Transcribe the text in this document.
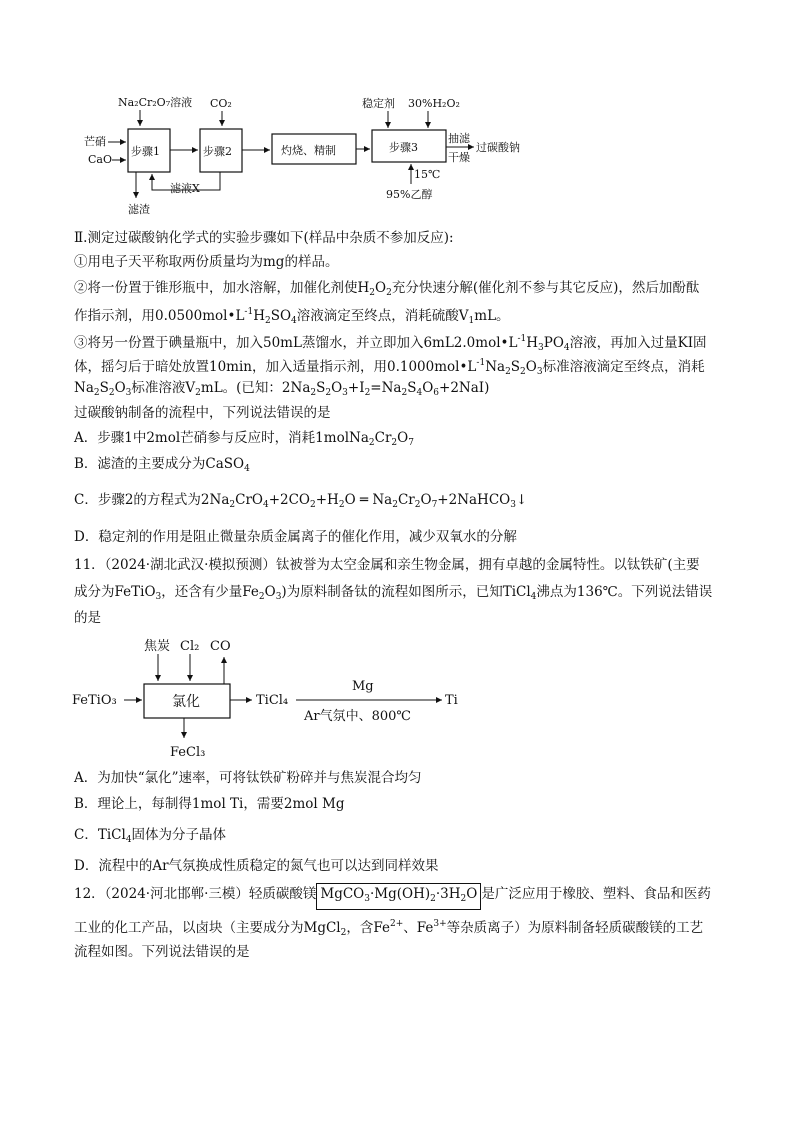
Na₂Cr₂O₇溶液 CO₂
芒硝
CaO
步骤1	步骤2	灼烧、精制
稳定剂 30%H₂O₂
步骤3
抽滤
干燥
过碳酸钠
15℃
95%乙醇
滤渣
滤液X
Ⅱ.测定过碳酸钠化学式的实验步骤如下(样品中杂质不参加反应):
①用电子天平称取两份质量均为mg的样品。
②将一份置于锥形瓶中，加水溶解，加催化剂使$H_2O_2$充分快速分解(催化剂不参与其它反应)，然后加酚酞
作指示剂，用$0.0500mol•L^{-1}H_2SO_4$溶液滴定至终点，消耗硫酸$V_1mL$。
③将另一份置于碘量瓶中，加入50mL蒸馏水，并立即加入$6mL2.0mol•L^{-1}H_3PO_4$溶液，再加入过量KI固
体，摇匀后于暗处放置10min，加入适量指示剂，用$0.1000mol•L^{-1}Na_2S_2O_3$标准溶液滴定至终点，消耗
$Na_2S_2O_3$标准溶液$V_2mL$。(已知：$2Na_2S_2O_3+I_2=Na_2S_4O_6+2NaI$)
过碳酸钠制备的流程中，下列说法错误的是
A．步骤1中2mol芒硝参与反应时，消耗$1molNa_2Cr_2O_7$
B．滤渣的主要成分为CaSO$_4$
C．步骤2的方程式为$2Na_2CrO_4+2CO_2+H_2O$ ═ $Na_2Cr_2O_7+2NaHCO_3↓$
D．稳定剂的作用是阻止微量杂质金属离子的催化作用，减少双氧水的分解
11．（2024·湖北武汉·模拟预测）钛被誉为太空金属和亲生物金属，拥有卓越的金属特性。以钛铁矿(主要
成分为FeTiO$_3$，还含有少量$Fe_2O_3$)为原料制备钛的流程如图所示，已知TiCl$_4$沸点为136℃。下列说法错误
的是
焦炭 Cl₂ CO
FeTiO₃	氯化	TiCl₄
Mg
Ar气氛中、800℃
Ti
FeCl₃
A．为加快“氯化”速率，可将钛铁矿粉碎并与焦炭混合均匀
B．理论上，每制得1mol Ti，需要2mol Mg
C．TiCl$_4$固体为分子晶体
D．流程中的Ar气氛换成性质稳定的氮气也可以达到同样效果
12．（2024·河北邯郸·三模）轻质碳酸镁 $MgCO_3\cdot Mg(OH)_2\cdot 3H_2O$ 是广泛应用于橡胶、塑料、食品和医药
工业的化工产品，以卤块（主要成分为MgCl$_2$，含$Fe^{2+}$、$Fe^{3+}$等杂质离子）为原料制备轻质碳酸镁的工艺
流程如图。下列说法错误的是
